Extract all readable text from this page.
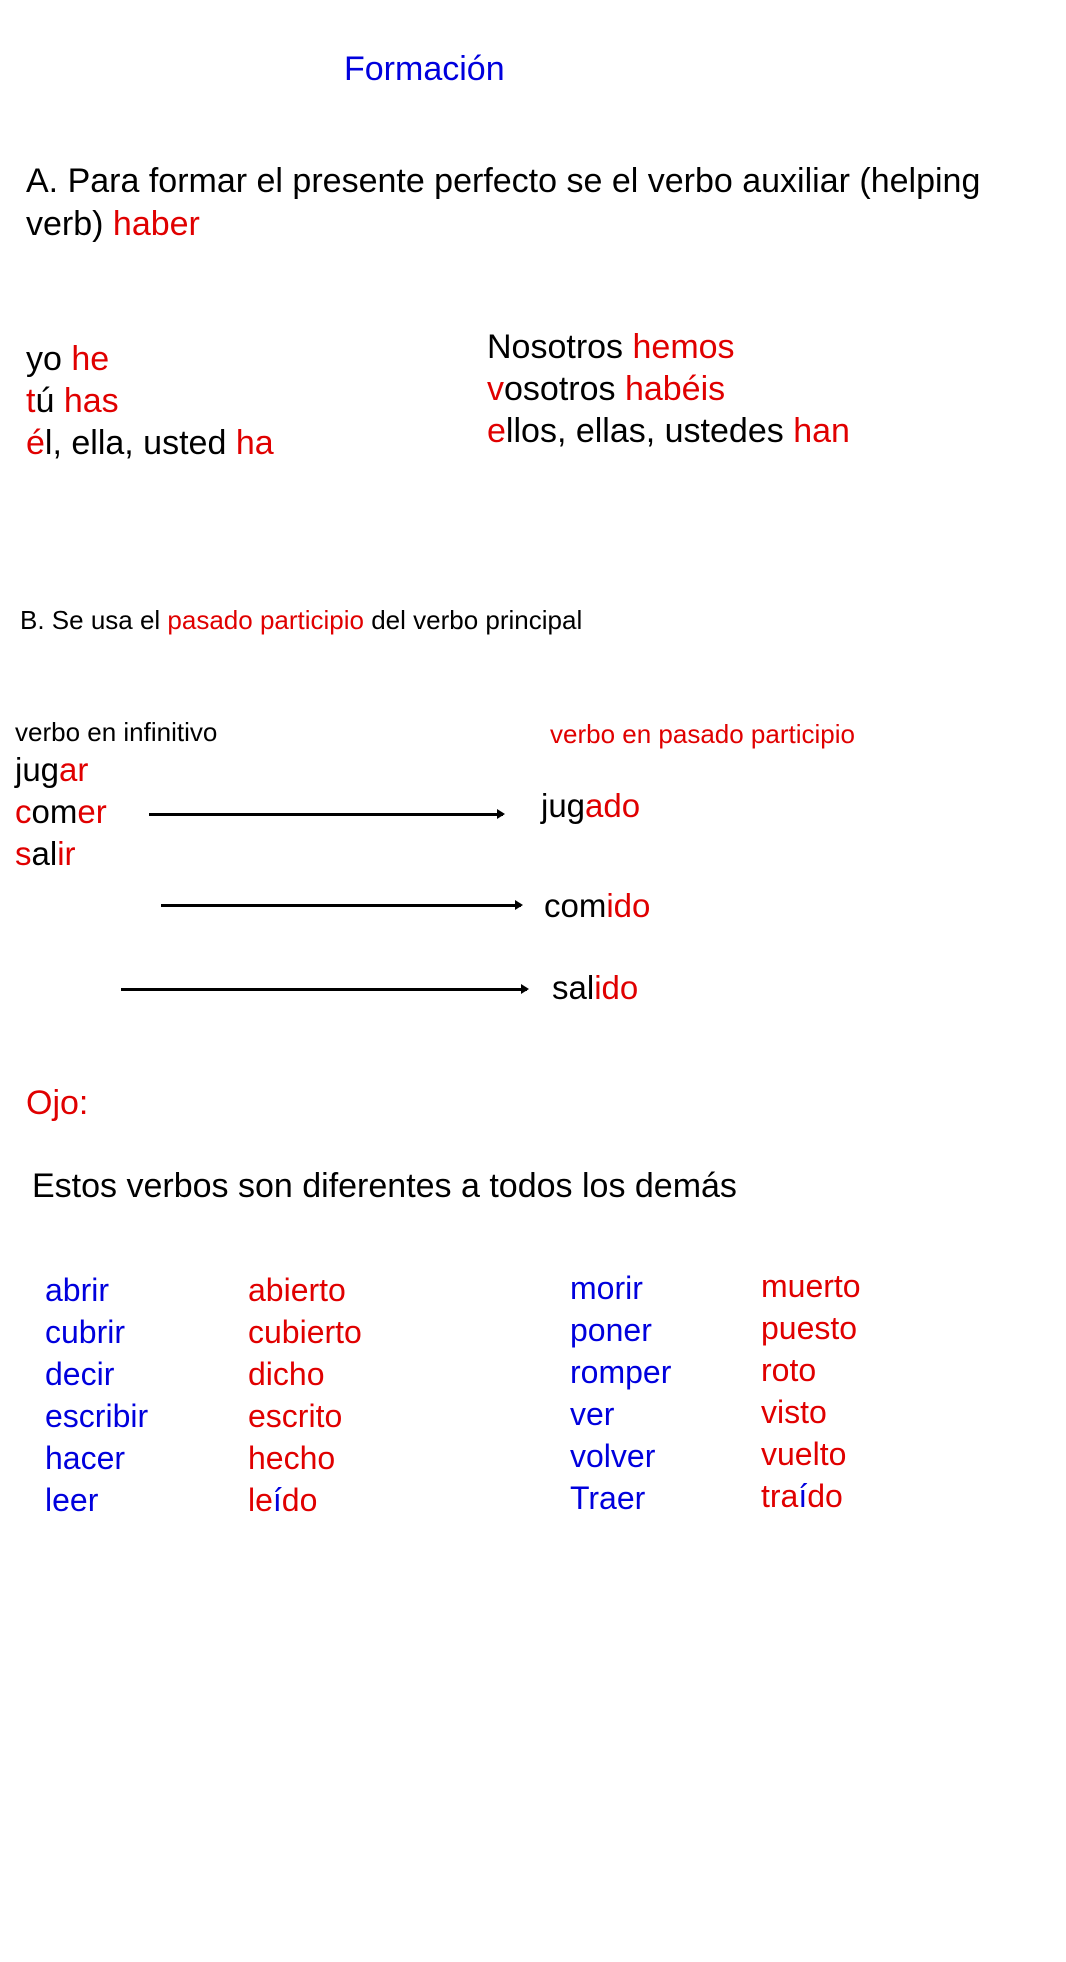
Formación
A. Para formar el presente perfecto se el verbo auxiliar (helping
verb) haber
yo he
tú has
él, ella, usted ha
Nosotros hemos
vosotros habéis
ellos, ellas, ustedes han
B. Se usa el pasado participio del verbo principal
verbo en infinitivo	verbo en pasado participio
jugar
comer
salir
jugado
comido
salido
Ojo:
Estos verbos son diferentes a todos los demás
abrir
cubrir
decir
escribir
hacer
leer
abierto
cubierto
dicho
escrito
hecho
leído
morir
poner
romper
ver
volver
Traer
muerto
puesto
roto
visto
vuelto
traído
